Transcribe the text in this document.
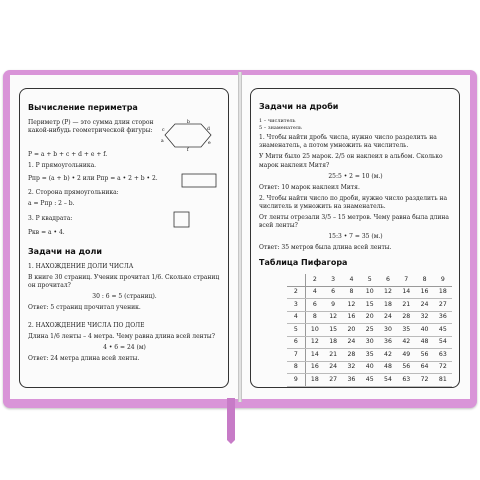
Вычисление периметра
Периметр (P) — это сумма длин сторон какой-нибудь геометрической фигуры:
b
c	d
a	e
f
P = a + b + c + d + e + f.
1. P прямоугольника.
Pпр = (a + b) • 2 или Pпр = a • 2 + b • 2.
2. Сторона прямоугольника:
a = Pпр : 2 – b.
3. P квадрата:
Pкв = a • 4.
Задачи на доли
1. НАХОЖДЕНИЕ ДОЛИ ЧИСЛА
В книге 30 страниц. Ученик прочитал 1/6. Сколько страниц он прочитал?
30 : 6 = 5 (страниц).
Ответ: 5 страниц прочитал ученик.
2. НАХОЖДЕНИЕ ЧИСЛА ПО ДОЛЕ
Длина 1/6 ленты – 4 метра. Чему равна длина всей ленты?
4 • 6 = 24 (м)
Ответ: 24 метра длина всей ленты.
Задачи на дроби
1 – числитель
5 – знаменатель
1. Чтобы найти дробь числа, нужно число разделить на знаменатель, а потом умножить на числитель.
У Мити было 25 марок. 2/5 он наклеил в альбом. Сколько марок наклеил Митя?
25:5 • 2 = 10 (м.)
Ответ: 10 марок наклеил Митя.
2. Чтобы найти число по дроби, нужно число разделить на числитель и умножить на знаменатель.
От ленты отрезали 3/5 – 15 метров. Чему равна была длина всей ленты?
15:3 • 7 = 35 (м.)
Ответ: 35 метров была длина всей ленты.
Таблица Пифагора
	2	3	4	5	6	7	8	9
2	4	6	8	10	12	14	16	18
3	6	9	12	15	18	21	24	27
4	8	12	16	20	24	28	32	36
5	10	15	20	25	30	35	40	45
6	12	18	24	30	36	42	48	54
7	14	21	28	35	42	49	56	63
8	16	24	32	40	48	56	64	72
9	18	27	36	45	54	63	72	81
